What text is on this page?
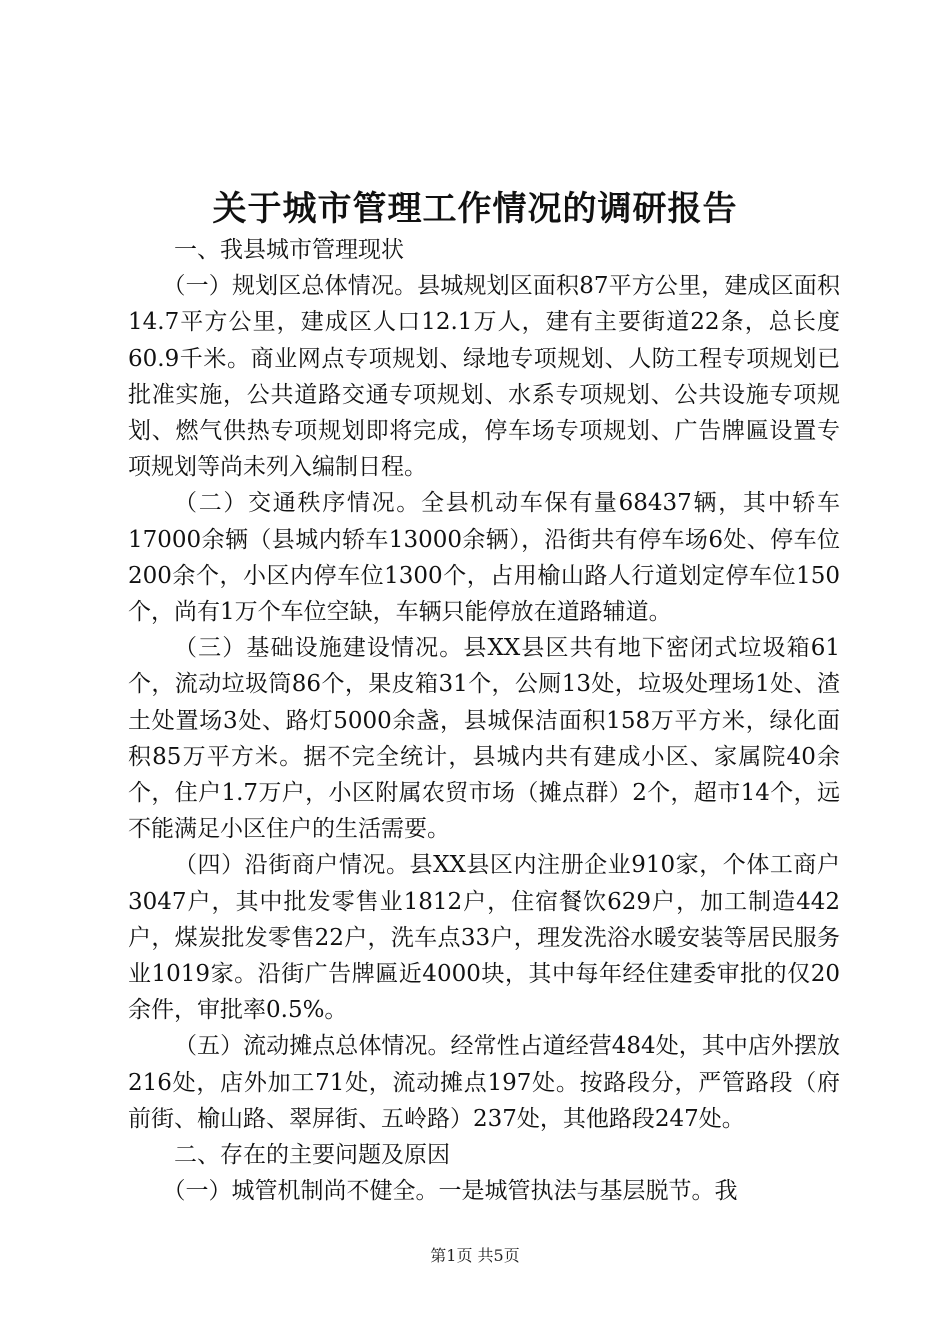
关于城市管理工作情况的调研报告

一、我县城市管理现状

（一）规划区总体情况。县城规划区面积87平方公里，建成区面积14.7平方公里，建成区人口12.1万人，建有主要街道22条，总长度60.9千米。商业网点专项规划、绿地专项规划、人防工程专项规划已批准实施，公共道路交通专项规划、水系专项规划、公共设施专项规划、燃气供热专项规划即将完成，停车场专项规划、广告牌匾设置专项规划等尚未列入编制日程。

（二）交通秩序情况。全县机动车保有量68437辆，其中轿车17000余辆（县城内轿车13000余辆），沿街共有停车场6处、停车位200余个，小区内停车位1300个，占用榆山路人行道划定停车位150个，尚有1万个车位空缺，车辆只能停放在道路辅道。

（三）基础设施建设情况。县XX县区共有地下密闭式垃圾箱61个，流动垃圾筒86个，果皮箱31个，公厕13处，垃圾处理场1处、渣土处置场3处、路灯5000余盏，县城保洁面积158万平方米，绿化面积85万平方米。据不完全统计，县城内共有建成小区、家属院40余个，住户1.7万户，小区附属农贸市场（摊点群）2个，超市14个，远不能满足小区住户的生活需要。

（四）沿街商户情况。县XX县区内注册企业910家，个体工商户3047户，其中批发零售业1812户，住宿餐饮629户，加工制造442户，煤炭批发零售22户，洗车点33户，理发洗浴水暖安装等居民服务业1019家。沿街广告牌匾近4000块，其中每年经住建委审批的仅20余件，审批率0.5%。

（五）流动摊点总体情况。经常性占道经营484处，其中店外摆放216处，店外加工71处，流动摊点197处。按路段分，严管路段（府前街、榆山路、翠屏街、五岭路）237处，其他路段247处。

二、存在的主要问题及原因

（一）城管机制尚不健全。一是城管执法与基层脱节。我

第1页 共5页
